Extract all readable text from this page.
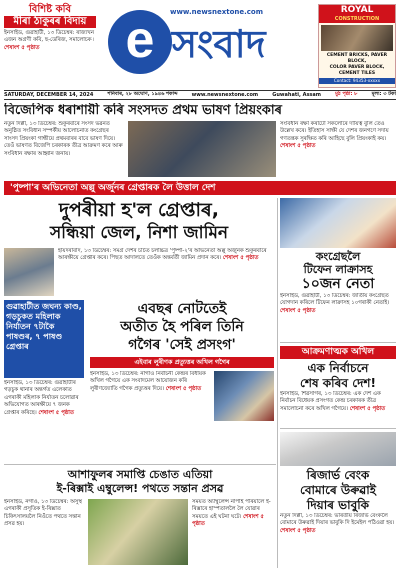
বিশিষ্ট কবি
মীৰা ঠাকুৰৰ বিদায়
ইনসাইড, গুৱাহাটী, ১৩ ডিচেম্বৰ: ৰাজ্যখন এজন অগ্ৰণী কবি, ছ-ডেৰিজ, সমালোচক ৷
শেষাংশ ৫ পৃষ্ঠাত	e	www.newsnextone.com
সংবাদ
ROYAL
CONSTRUCTION
CEMENT BRICKS, PAVER BLOCK,
COLOR PAVER BLOCK,
CEMENT TILES
Contact: 94353-xxxxx
SATURDAY, DECEMBER 14, 2024	শনিবাৰ, ২৮ অঘোণ, ১৯৪৬ শকাব্দ	www.newsnextone.com	Guwahati, Assam	মুঠ পৃষ্ঠা: ৮	মূল্য: ৩ টকা
বিজেপিক ধৰাশায়ী কৰি সংসদত প্ৰথম ভাষণ প্ৰিয়ংকাৰ
নতুন দিল্লী, ১৩ ডিচেম্বৰ: শুকুৰবাৰে সংসদ ভৱনত অনুষ্ঠিত সংবিধান সম্পৰ্কীয় আলোচনাত কংগ্ৰেছৰ সাংসদ প্ৰিয়ংকা গান্ধীয়ে প্ৰথমবাৰৰ বাবে ভাষণ দিয়ে। তেওঁ ভাষণত বিজেপি চৰকাৰক তীব্ৰ আক্ৰমণ কৰে আৰু সংবিধান ৰক্ষাৰ আহ্বান জনায়।
সংবিধান ৰক্ষা কৰাটো সকলোৰে দায়িত্ব বুলি তেওঁ উল্লেখ কৰে। ইতিহাস সাক্ষী যে দেশৰ জনগণে সদায় গণতন্ত্ৰক সুৰক্ষিত কৰি আহিছে বুলি প্ৰিয়ংকাই কয়। শেষাংশ ৫ পৃষ্ঠাত
'পুষ্পা'ৰ অভিনেতা অল্লু অৰ্জুনৰ গ্ৰেপ্তাৰক লৈ উত্তাল দেশ
দুপৰীয়া হ'ল গ্ৰেপ্তাৰ,
সন্ধিয়া জেল, নিশা জামিন
হায়দৰাবাদ, ১৩ ডিচেম্বৰ: সমগ্ৰ দেশৰ চৰ্চিত চলচ্চিত্ৰ 'পুষ্পা-২'ৰ অভিনেতা অল্লু অৰ্জুনক শুকুৰবাৰে আৰক্ষীয়ে গ্ৰেপ্তাৰ কৰে। পিছত আদালতে তেওঁক অন্তৰ্বৰ্তী জামিন প্ৰদান কৰে। শেষাংশ ৫ পৃষ্ঠাত	কংগ্ৰেছলৈ
টিফেন লাক্ৰাসহ
১০জন নেতা
ইনসাইড, গুৱাহাটী, ১৩ ডিচেম্বৰ: জাতীয় কংগ্ৰেছত যোগদান কৰিলে টিফেন লাক্ৰাসহ ১০গৰাকী নেতাই। শেষাংশ ৫ পৃষ্ঠাত
গুৱাহাটীত জঘন্য কাণ্ড, গড়চুকত মহিলাক নিৰ্যাতন ৭টাকৈ পাষণ্ডৰ, ৭ পাষণ্ড গ্ৰেপ্তাৰ
ইনসাইড, ১৩ ডিচেম্বৰ: গুৱাহাটীৰ গড়চুক থানাৰ অন্তৰ্গত এলেকাত এগৰাকী মহিলাক নিৰ্যাতন চলোৱাৰ অভিযোগত আৰক্ষীয়ে ৭ জনক গ্ৰেপ্তাৰ কৰিছে। শেষাংশ ৫ পৃষ্ঠাত
এবছৰ নোটতেই
অতীত হৈ পৰিল তিনি
গগৈৰ 'সেই প্ৰসংগ'
এইবাৰ লুৰীণক প্ৰত্যুত্তৰ অখিল গগৈৰ
ইনসাইড, ১৩ ডিচেম্বৰ: নাগাঁও নিৰ্বাচনী কেন্দ্ৰৰ বিধায়ক অখিল গগৈয়ে এক সংবাদমেল আয়োজন কৰি লুৰীণজ্যোতি গগৈক প্ৰত্যুত্তৰ দিয়ে। শেষাংশ ৫ পৃষ্ঠাত
আক্ৰমণাত্মক অখিল
এক নিৰ্বাচনে
শেষ কৰিব দেশ!
ইনসাইড, শিৱসাগৰ, ১৩ ডিচেম্বৰ: এক দেশ এক নিৰ্বাচন বিধেয়ক প্ৰসংগত কেন্দ্ৰ চৰকাৰক তীব্ৰ সমালোচনা কৰে অখিল গগৈয়ে। শেষাংশ ৫ পৃষ্ঠাত
আশাফুলৰ সমাপ্তি চেঙাত এতিয়া
ই-ৰিক্সাই এম্বুলেন্স! পথতে সন্তান প্ৰসৱ
ইনসাইড, নগাঁও, ১৩ ডিচেম্বৰ: অসুস্থ এগৰাকী প্ৰসূতিক ই-ৰিক্সাত চিকিৎসালয়লৈ নিওঁতে পথতে সন্তান প্ৰসৱ হয়।
সময়ত অ্যাম্বুলেন্স নাপাই পৰিয়ালে ই-ৰিক্সাৰে হাস্পতাললৈ লৈ যোৱাৰ সময়তে এই ঘটনা ঘটে। শেষাংশ ৫ পৃষ্ঠাত
ৰিজাৰ্ভ বেংক
বোমাৰে উৰুৱাই
দিয়াৰ ভাবুকি
নতুন দিল্লী, ১৩ ডিচেম্বৰ: ভাৰতীয় ৰিজাৰ্ভ বেংকলৈ বোমাৰে উৰুৱাই দিয়াৰ ভাবুকি দি ইমেইল পঠিওৱা হয়। শেষাংশ ৫ পৃষ্ঠাত
